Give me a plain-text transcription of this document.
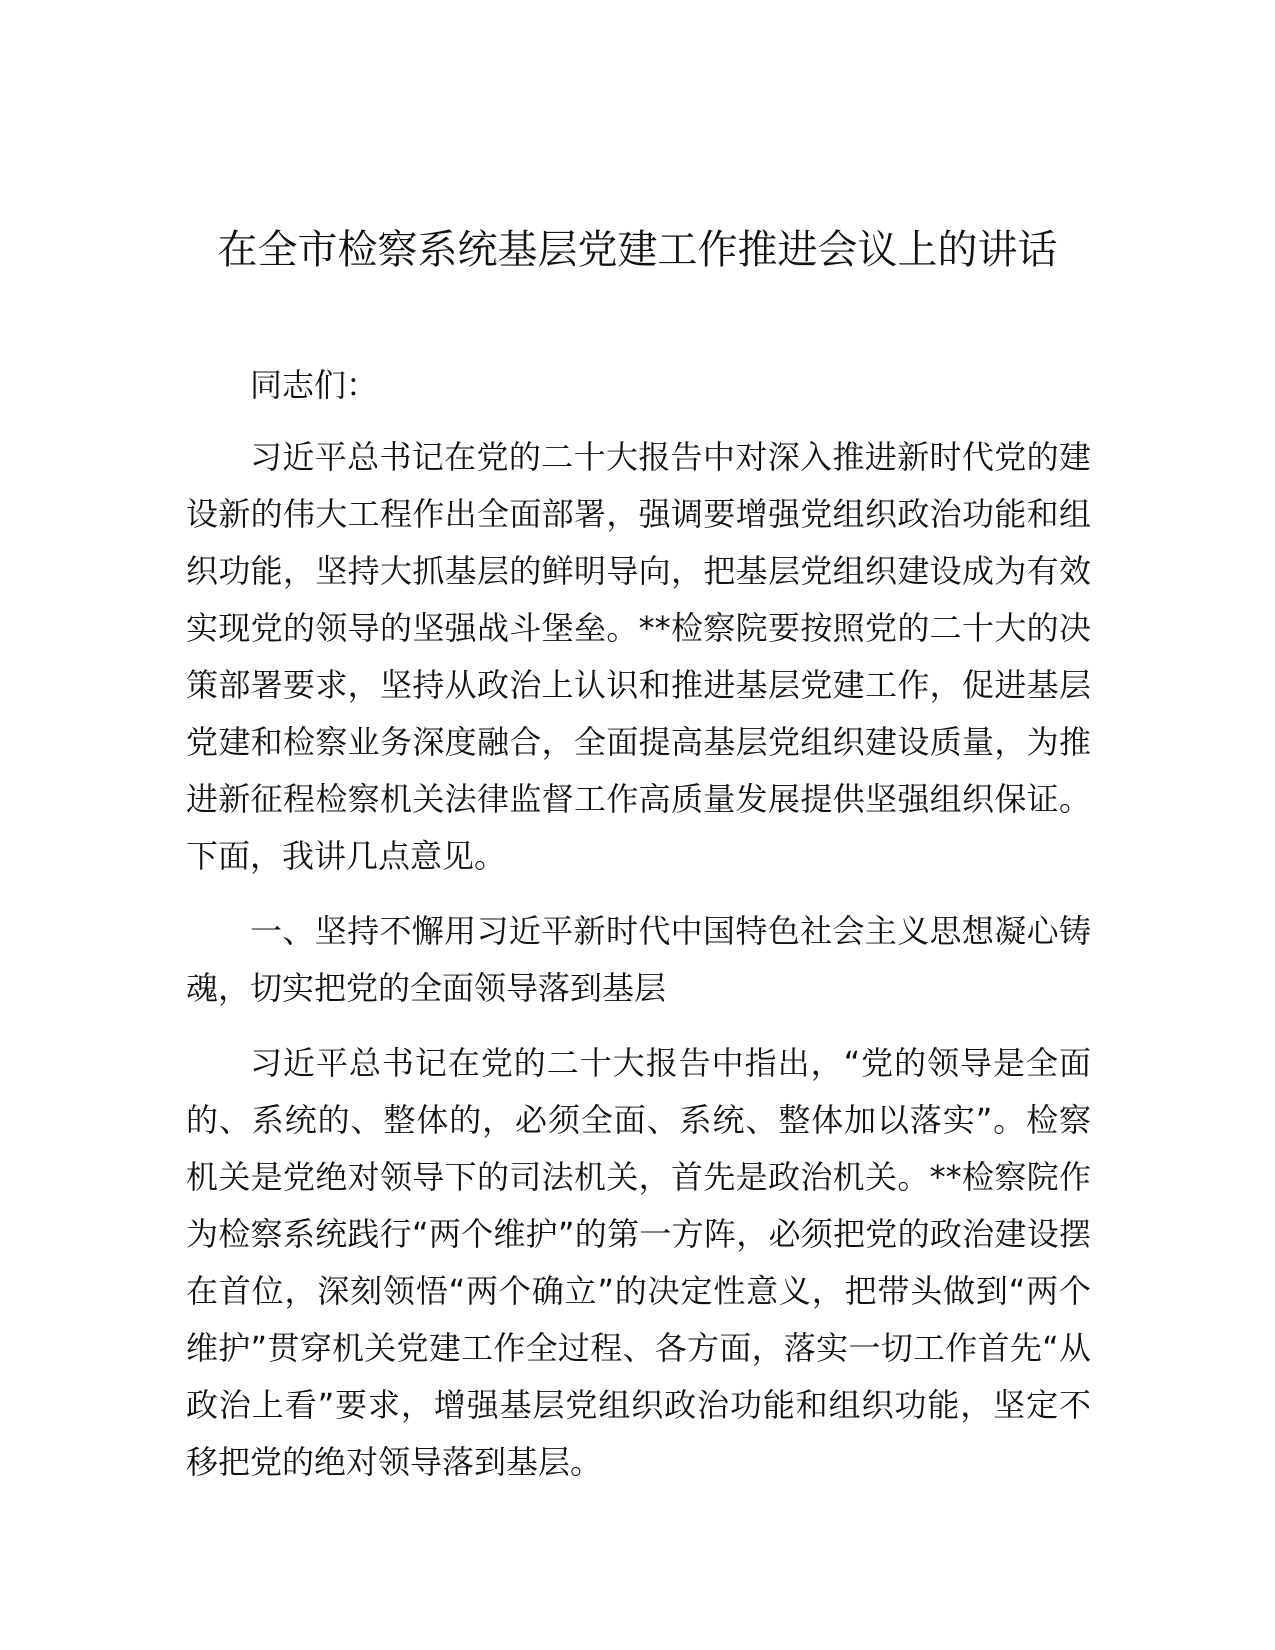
在全市检察系统基层党建工作推进会议上的讲话

同志们：

习近平总书记在党的二十大报告中对深入推进新时代党的建设新的伟大工程作出全面部署，强调要增强党组织政治功能和组织功能，坚持大抓基层的鲜明导向，把基层党组织建设成为有效实现党的领导的坚强战斗堡垒。**检察院要按照党的二十大的决策部署要求，坚持从政治上认识和推进基层党建工作，促进基层党建和检察业务深度融合，全面提高基层党组织建设质量，为推进新征程检察机关法律监督工作高质量发展提供坚强组织保证。下面，我讲几点意见。

一、坚持不懈用习近平新时代中国特色社会主义思想凝心铸魂，切实把党的全面领导落到基层

习近平总书记在党的二十大报告中指出，“党的领导是全面的、系统的、整体的，必须全面、系统、整体加以落实”。检察机关是党绝对领导下的司法机关，首先是政治机关。**检察院作为检察系统践行“两个维护”的第一方阵，必须把党的政治建设摆在首位，深刻领悟“两个确立”的决定性意义，把带头做到“两个维护”贯穿机关党建工作全过程、各方面，落实一切工作首先“从政治上看”要求，增强基层党组织政治功能和组织功能，坚定不移把党的绝对领导落到基层。
